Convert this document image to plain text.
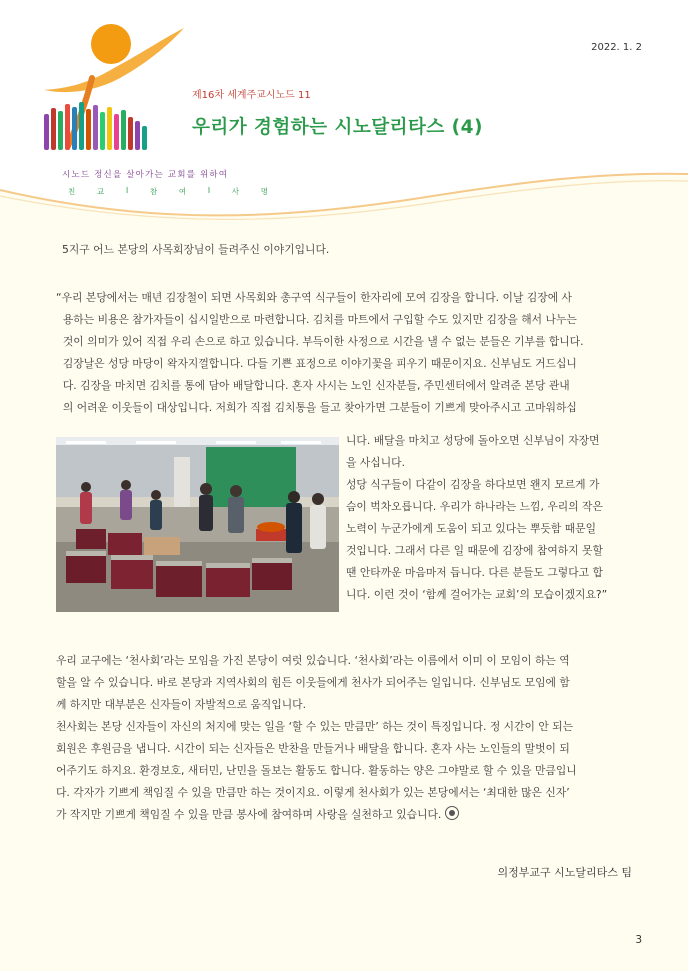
2022. 1. 2
제16차 세계주교시노드 11
우리가 경험하는 시노달리타스 (4)
시노드 정신을 살아가는 교회를 위하여
친	교	I	참	여	I	사	명
5지구 어느 본당의 사목회장님이 들려주신 이야기입니다.
“우리 본당에서는 매년 김장철이 되면 사목회와 총구역 식구들이 한자리에 모여 김장을 합니다. 이날 김장에 사
용하는 비용은 참가자들이 십시일반으로 마련합니다. 김치를 마트에서 구입할 수도 있지만 김장을 해서 나누는
것이 의미가 있어 직접 우리 손으로 하고 있습니다. 부득이한 사정으로 시간을 낼 수 없는 분들은 기부를 합니다.
김장날은 성당 마당이 왁자지껄합니다. 다들 기쁜 표정으로 이야기꽃을 피우기 때문이지요. 신부님도 거드십니
다. 김장을 마치면 김치를 통에 담아 배달합니다. 혼자 사시는 노인 신자분들, 주민센터에서 알려준 본당 관내
의 어려운 이웃들이 대상입니다. 저희가 직접 김치통을 들고 찾아가면 그분들이 기쁘게 맞아주시고 고마워하십
니다. 배달을 마치고 성당에 돌아오면 신부님이 자장면
을 사십니다.
성당 식구들이 다같이 김장을 하다보면 왠지 모르게 가
슴이 벅차오릅니다. 우리가 하나라는 느낌, 우리의 작은
노력이 누군가에게 도움이 되고 있다는 뿌듯함 때문일
것입니다. 그래서 다른 일 때문에 김장에 참여하지 못할
땐 안타까운 마음마저 듭니다. 다른 분들도 그렇다고 합
니다. 이런 것이 ‘함께 걸어가는 교회’의 모습이겠지요?”
우리 교구에는 ‘천사회’라는 모임을 가진 본당이 여럿 있습니다. ‘천사회’라는 이름에서 이미 이 모임이 하는 역
할을 알 수 있습니다. 바로 본당과 지역사회의 힘든 이웃들에게 천사가 되어주는 일입니다. 신부님도 모임에 함
께 하지만 대부분은 신자들이 자발적으로 움직입니다.
천사회는 본당 신자들이 자신의 처지에 맞는 일을 ‘할 수 있는 만큼만’ 하는 것이 특징입니다. 정 시간이 안 되는
회원은 후원금을 냅니다. 시간이 되는 신자들은 반찬을 만들거나 배달을 합니다. 혼자 사는 노인들의 말벗이 되
어주기도 하지요. 환경보호, 새터민, 난민을 돌보는 활동도 합니다. 활동하는 양은 그야말로 할 수 있을 만큼입니
다. 각자가 기쁘게 책임질 수 있을 만큼만 하는 것이지요. 이렇게 천사회가 있는 본당에서는 ‘최대한 많은 신자’
가 작지만 기쁘게 책임질 수 있을 만큼 봉사에 참여하며 사랑을 실천하고 있습니다.
의정부교구 시노달리타스 팀
3
